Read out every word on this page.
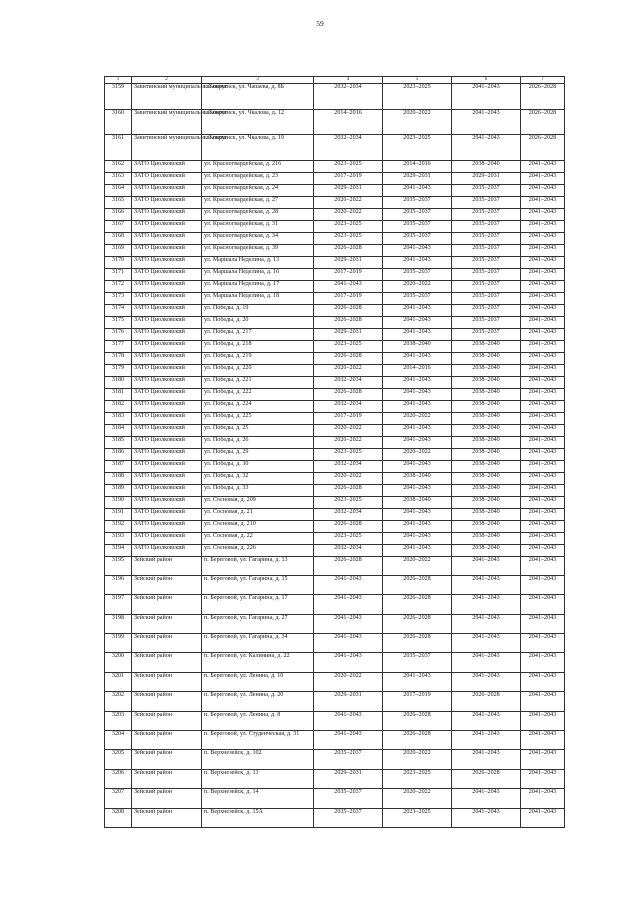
59
1	2	3	4	5	6	7
3159	Завитинский муниципальный округ	г. Завитинск, ул. Чапаева, д. 8Б	2032–2034	2023–2025	2041–2043	2026–2028
3160	Завитинский муниципальный округ	г. Завитинск, ул. Чкалова, д. 12	2014–2016	2020–2022	2041–2043	2026–2028
3161	Завитинский муниципальный округ	г. Завитинск, ул. Чкалова, д. 19	2032–2034	2023–2025	2041–2043	2026–2028
3162	ЗАТО Циолковский	ул. Красногвардейская, д. 216	2023–2025	2014–2016	2038–2040	2041–2043
3163	ЗАТО Циолковский	ул. Красногвардейская, д. 23	2017–2019	2029–2031	2029–2031	2041–2043
3164	ЗАТО Циолковский	ул. Красногвардейская, д. 24	2029–2031	2041–2043	2035–2037	2041–2043
3165	ЗАТО Циолковский	ул. Красногвардейская, д. 27	2020–2022	2035–2037	2035–2037	2041–2043
3166	ЗАТО Циолковский	ул. Красногвардейская, д. 28	2020–2022	2035–2037	2035–2037	2041–2043
3167	ЗАТО Циолковский	ул. Красногвардейская, д. 31	2023–2025	2035–2037	2035–2037	2041–2043
3168	ЗАТО Циолковский	ул. Красногвардейская, д. 34	2023–2025	2035–2037	2035–2037	2041–2043
3169	ЗАТО Циолковский	ул. Красногвардейская, д. 39	2026–2028	2041–2043	2035–2037	2041–2043
3170	ЗАТО Циолковский	ул. Маршала Неделина, д. 13	2029–2031	2041–2043	2035–2037	2041–2043
3171	ЗАТО Циолковский	ул. Маршала Неделина, д. 16	2017–2019	2035–2037	2035–2037	2041–2043
3172	ЗАТО Циолковский	ул. Маршала Неделина, д. 17	2041–2043	2020–2022	2035–2037	2041–2043
3173	ЗАТО Циолковский	ул. Маршала Неделина, д. 18	2017–2019	2035–2037	2035–2037	2041–2043
3174	ЗАТО Циолковский	ул. Победы, д. 19	2026–2028	2041–2043	2035–2037	2041–2043
3175	ЗАТО Циолковский	ул. Победы, д. 20	2026–2028	2041–2043	2035–2037	2041–2043
3176	ЗАТО Циолковский	ул. Победы, д. 217	2029–2031	2041–2043	2035–2037	2041–2043
3177	ЗАТО Циолковский	ул. Победы, д. 218	2023–2025	2038–2040	2038–2040	2041–2043
3178	ЗАТО Циолковский	ул. Победы, д. 219	2026–2028	2041–2043	2038–2040	2041–2043
3179	ЗАТО Циолковский	ул. Победы, д. 220	2020–2022	2014–2016	2038–2040	2041–2043
3180	ЗАТО Циолковский	ул. Победы, д. 221	2032–2034	2041–2043	2038–2040	2041–2043
3181	ЗАТО Циолковский	ул. Победы, д. 222	2026–2028	2041–2043	2038–2040	2041–2043
3182	ЗАТО Циолковский	ул. Победы, д. 224	2032–2034	2041–2043	2038–2040	2041–2043
3183	ЗАТО Циолковский	ул. Победы, д. 225	2017–2019	2020–2022	2038–2040	2041–2043
3184	ЗАТО Циолковский	ул. Победы, д. 25	2020–2022	2041–2043	2038–2040	2041–2043
3185	ЗАТО Циолковский	ул. Победы, д. 26	2020–2022	2041–2043	2038–2040	2041–2043
3186	ЗАТО Циолковский	ул. Победы, д. 29	2023–2025	2020–2022	2038–2040	2041–2043
3187	ЗАТО Циолковский	ул. Победы, д. 30	2032–2034	2041–2043	2038–2040	2041–2043
3188	ЗАТО Циолковский	ул. Победы, д. 32	2020–2022	2038–2040	2038–2040	2041–2043
3189	ЗАТО Циолковский	ул. Победы, д. 33	2026–2028	2041–2043	2038–2040	2041–2043
3190	ЗАТО Циолковский	ул. Сосновая, д. 209	2023–2025	2038–2040	2038–2040	2041–2043
3191	ЗАТО Циолковский	ул. Сосновая, д. 21	2032–2034	2041–2043	2038–2040	2041–2043
3192	ЗАТО Циолковский	ул. Сосновая, д. 210	2026–2028	2041–2043	2038–2040	2041–2043
3193	ЗАТО Циолковский	ул. Сосновая, д. 22	2023–2025	2041–2043	2038–2040	2041–2043
3194	ЗАТО Циолковский	ул. Сосновая, д. 226	2032–2034	2041–2043	2038–2040	2041–2043
3195	Зейский район	п. Береговой, ул. Гагарина, д. 13	2026–2028	2020–2022	2041–2043	2041–2043
3196	Зейский район	п. Береговой, ул. Гагарина, д. 15	2041–2043	2026–2028	2041–2043	2041–2043
3197	Зейский район	п. Береговой, ул. Гагарина, д. 17	2041–2043	2026–2028	2041–2043	2041–2043
3198	Зейский район	п. Береговой, ул. Гагарина, д. 27	2041–2043	2026–2028	2041–2043	2041–2043
3199	Зейский район	п. Береговой, ул. Гагарина, д. 34	2041–2043	2026–2028	2041–2043	2041–2043
3200	Зейский район	п. Береговой, ул. Калинина, д. 22	2041–2043	2035–2037	2041–2043	2041–2043
3201	Зейский район	п. Береговой, ул. Ленина, д. 10	2020–2022	2041–2043	2041–2043	2041–2043
3202	Зейский район	п. Береговой, ул. Ленина, д. 20	2029–2031	2017–2019	2026–2028	2041–2043
3203	Зейский район	п. Береговой, ул. Ленина, д. 8	2041–2043	2026–2028	2041–2043	2041–2043
3204	Зейский район	п. Береговой, ул. Студенческая, д. 31	2041–2043	2026–2028	2041–2043	2041–2043
3205	Зейский район	п. Верхнезейск, д. 102	2035–2037	2020–2022	2041–2043	2041–2043
3206	Зейский район	п. Верхнезейск, д. 13	2029–2031	2023–2025	2026–2028	2041–2043
3207	Зейский район	п. Верхнезейск, д. 14	2035–2037	2020–2022	2041–2043	2041–2043
3208	Зейский район	п. Верхнезейск, д. 15А	2035–2037	2023–2025	2041–2043	2041–2043
